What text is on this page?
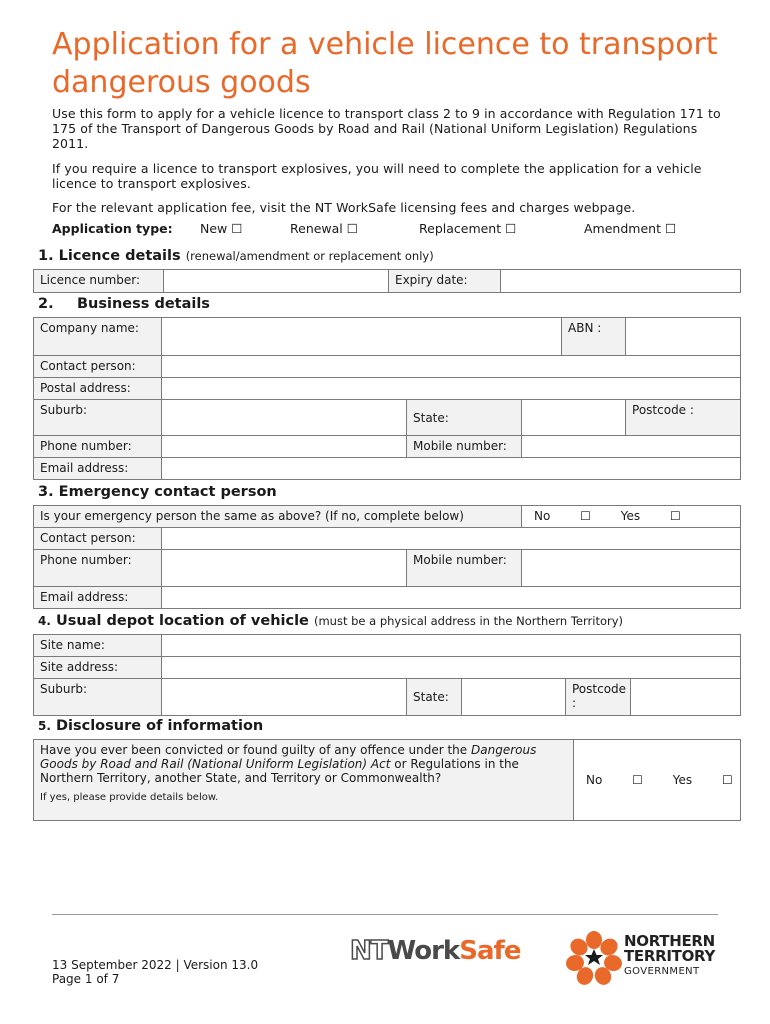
Application for a vehicle licence to transport dangerous goods

Use this form to apply for a vehicle licence to transport class 2 to 9 in accordance with Regulation 171 to 175 of the Transport of Dangerous Goods by Road and Rail (National Uniform Legislation) Regulations 2011.

If you require a licence to transport explosives, you will need to complete the application for a vehicle licence to transport explosives.

For the relevant application fee, visit the NT WorkSafe licensing fees and charges webpage.

Application type: New ☐	Renewal ☐	Replacement ☐	Amendment ☐
1. Licence details (renewal/amendment or replacement only)
Licence number:		Expiry date:	
2. Business details
Company name:				ABN :	
Contact person:					
Postal address:					
Suburb:		State:			Postcode :
Phone number:		Mobile number:			
Email address:					
3. Emergency contact person
Is your emergency person the same as above? (If no, complete below)			No ☐ Yes ☐
Contact person:			
Phone number:		Mobile number:	
Email address:			
4. Usual depot location of vehicle (must be a physical address in the Northern Territory)
Site name:					
Site address:					
Suburb:		State:		Postcode :	
5. Disclosure of information
Have you ever been convicted or found guilty of any offence under the Dangerous Goods by Road and Rail (National Uniform Legislation) Act or Regulations in the Northern Territory, another State, and Territory or Commonwealth?
If yes, please provide details below.
	No ☐ Yes ☐
13 September 2022 | Version 13.0
Page 1 of 7
NTWorkSafe	NORTHERN
TERRITORY
GOVERNMENT
